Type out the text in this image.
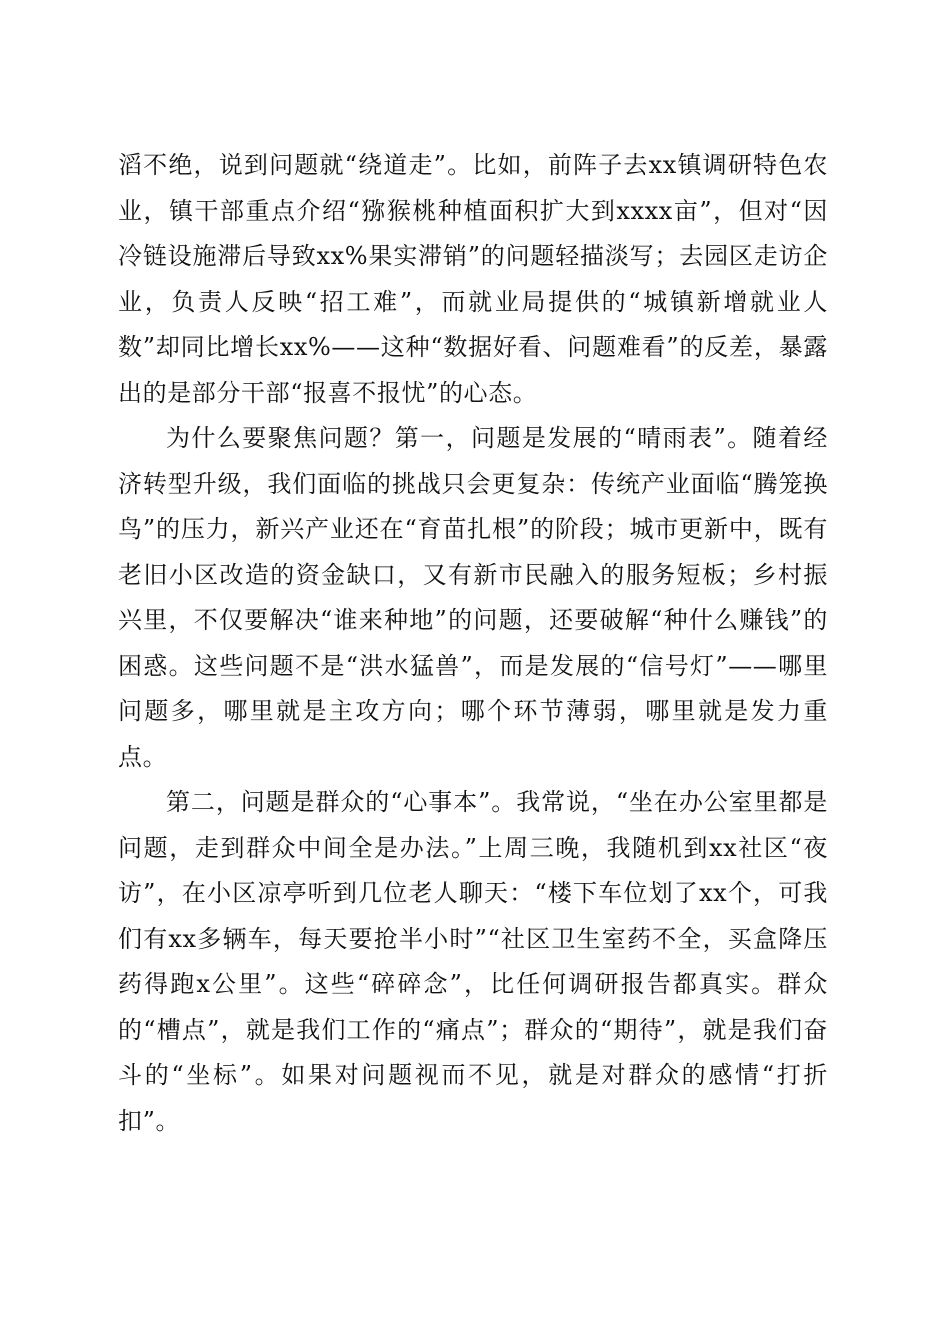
滔不绝，说到问题就“绕道走”。比如，前阵子去xx镇调研特色农业，镇干部重点介绍“猕猴桃种植面积扩大到xxxx亩”，但对“因冷链设施滞后导致xx%果实滞销”的问题轻描淡写；去园区走访企业，负责人反映“招工难”，而就业局提供的“城镇新增就业人数”却同比增长xx%——这种“数据好看、问题难看”的反差，暴露出的是部分干部“报喜不报忧”的心态。

为什么要聚焦问题？第一，问题是发展的“晴雨表”。随着经济转型升级，我们面临的挑战只会更复杂：传统产业面临“腾笼换鸟”的压力，新兴产业还在“育苗扎根”的阶段；城市更新中，既有老旧小区改造的资金缺口，又有新市民融入的服务短板；乡村振兴里，不仅要解决“谁来种地”的问题，还要破解“种什么赚钱”的困惑。这些问题不是“洪水猛兽”，而是发展的“信号灯”——哪里问题多，哪里就是主攻方向；哪个环节薄弱，哪里就是发力重点。

第二，问题是群众的“心事本”。我常说，“坐在办公室里都是问题，走到群众中间全是办法。”上周三晚，我随机到xx社区“夜访”，在小区凉亭听到几位老人聊天：“楼下车位划了xx个，可我们有xx多辆车，每天要抢半小时”“社区卫生室药不全，买盒降压药得跑x公里”。这些“碎碎念”，比任何调研报告都真实。群众的“槽点”，就是我们工作的“痛点”；群众的“期待”，就是我们奋斗的“坐标”。如果对问题视而不见，就是对群众的感情“打折扣”。
